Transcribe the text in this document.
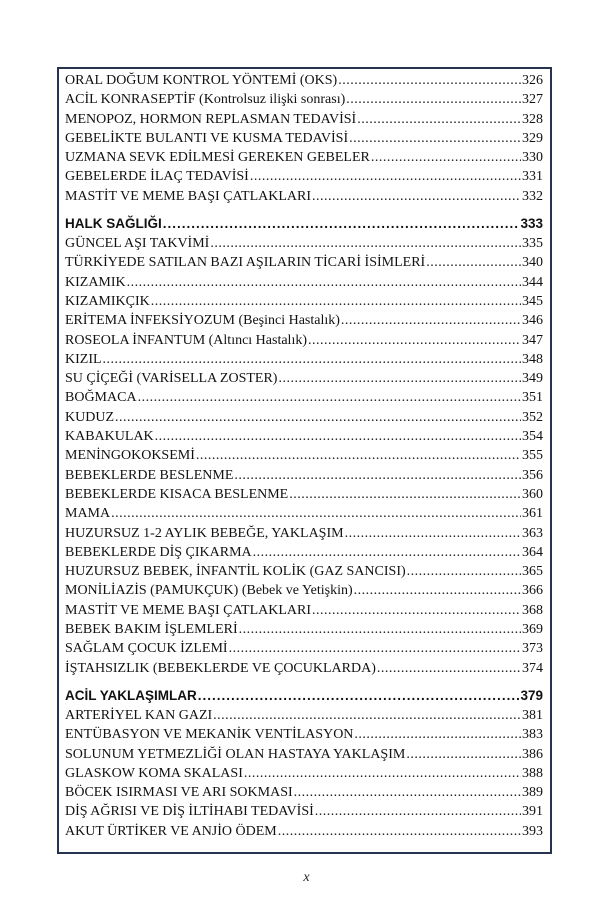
ORAL DOĞUM KONTROL YÖNTEMİ (OKS) .....	326
ACİL KONRASEPTİF (Kontrolsuz ilişki sonrası) .....	327
MENOPOZ, HORMON REPLASMAN TEDAVİSİ .....	328
GEBELİKTE BULANTI VE KUSMA TEDAVİSİ .....	329
UZMANA SEVK EDİLMESİ GEREKEN GEBELER .....	330
GEBELERDE İLAÇ TEDAVİSİ .....	331
MASTİT VE MEME BAŞI ÇATLAKLARI .....	332
HALK SAĞLIĞI .....	333
GÜNCEL AŞI TAKVİMİ .....	335
TÜRKİYEDE SATILAN BAZI AŞILARIN TİCARİ İSİMLERİ .....	340
KIZAMIK .....	344
KIZAMIKÇIK .....	345
ERİTEMA İNFEKSİYOZUM (Beşinci Hastalık) .....	346
ROSEOLA İNFANTUM (Altıncı Hastalık) .....	347
KIZIL .....	348
SU ÇİÇEĞİ (VARİSELLA ZOSTER) .....	349
BOĞMACA .....	351
KUDUZ .....	352
KABAKULAK .....	354
MENİNGOKOKSEMİ .....	355
BEBEKLERDE BESLENME .....	356
BEBEKLERDE KISACA BESLENME .....	360
MAMA .....	361
HUZURSUZ 1-2 AYLIK BEBEĞE, YAKLAŞIM .....	363
BEBEKLERDE DİŞ ÇIKARMA .....	364
HUZURSUZ BEBEK, İNFANTİL KOLİK (GAZ SANCISI) .....	365
MONİLİAZİS (PAMUKÇUK) (Bebek ve Yetişkin) .....	366
MASTİT VE MEME BAŞI ÇATLAKLARI .....	368
BEBEK BAKIM İŞLEMLERİ .....	369
SAĞLAM ÇOCUK İZLEMİ .....	373
İŞTAHSIZLIK (BEBEKLERDE VE ÇOCUKLARDA) .....	374
ACİL YAKLAŞIMLAR .....	379
ARTERİYEL KAN GAZI .....	381
ENTÜBASYON VE MEKANİK VENTİLASYON .....	383
SOLUNUM YETMEZLİĞİ OLAN HASTAYA YAKLAŞIM .....	386
GLASKOW KOMA SKALASI .....	388
BÖCEK ISIRMASI VE ARI SOKMASI .....	389
DİŞ AĞRISI VE DİŞ İLTİHABI TEDAVİSİ .....	391
AKUT ÜRTİKER VE ANJİO ÖDEM .....	393
x
